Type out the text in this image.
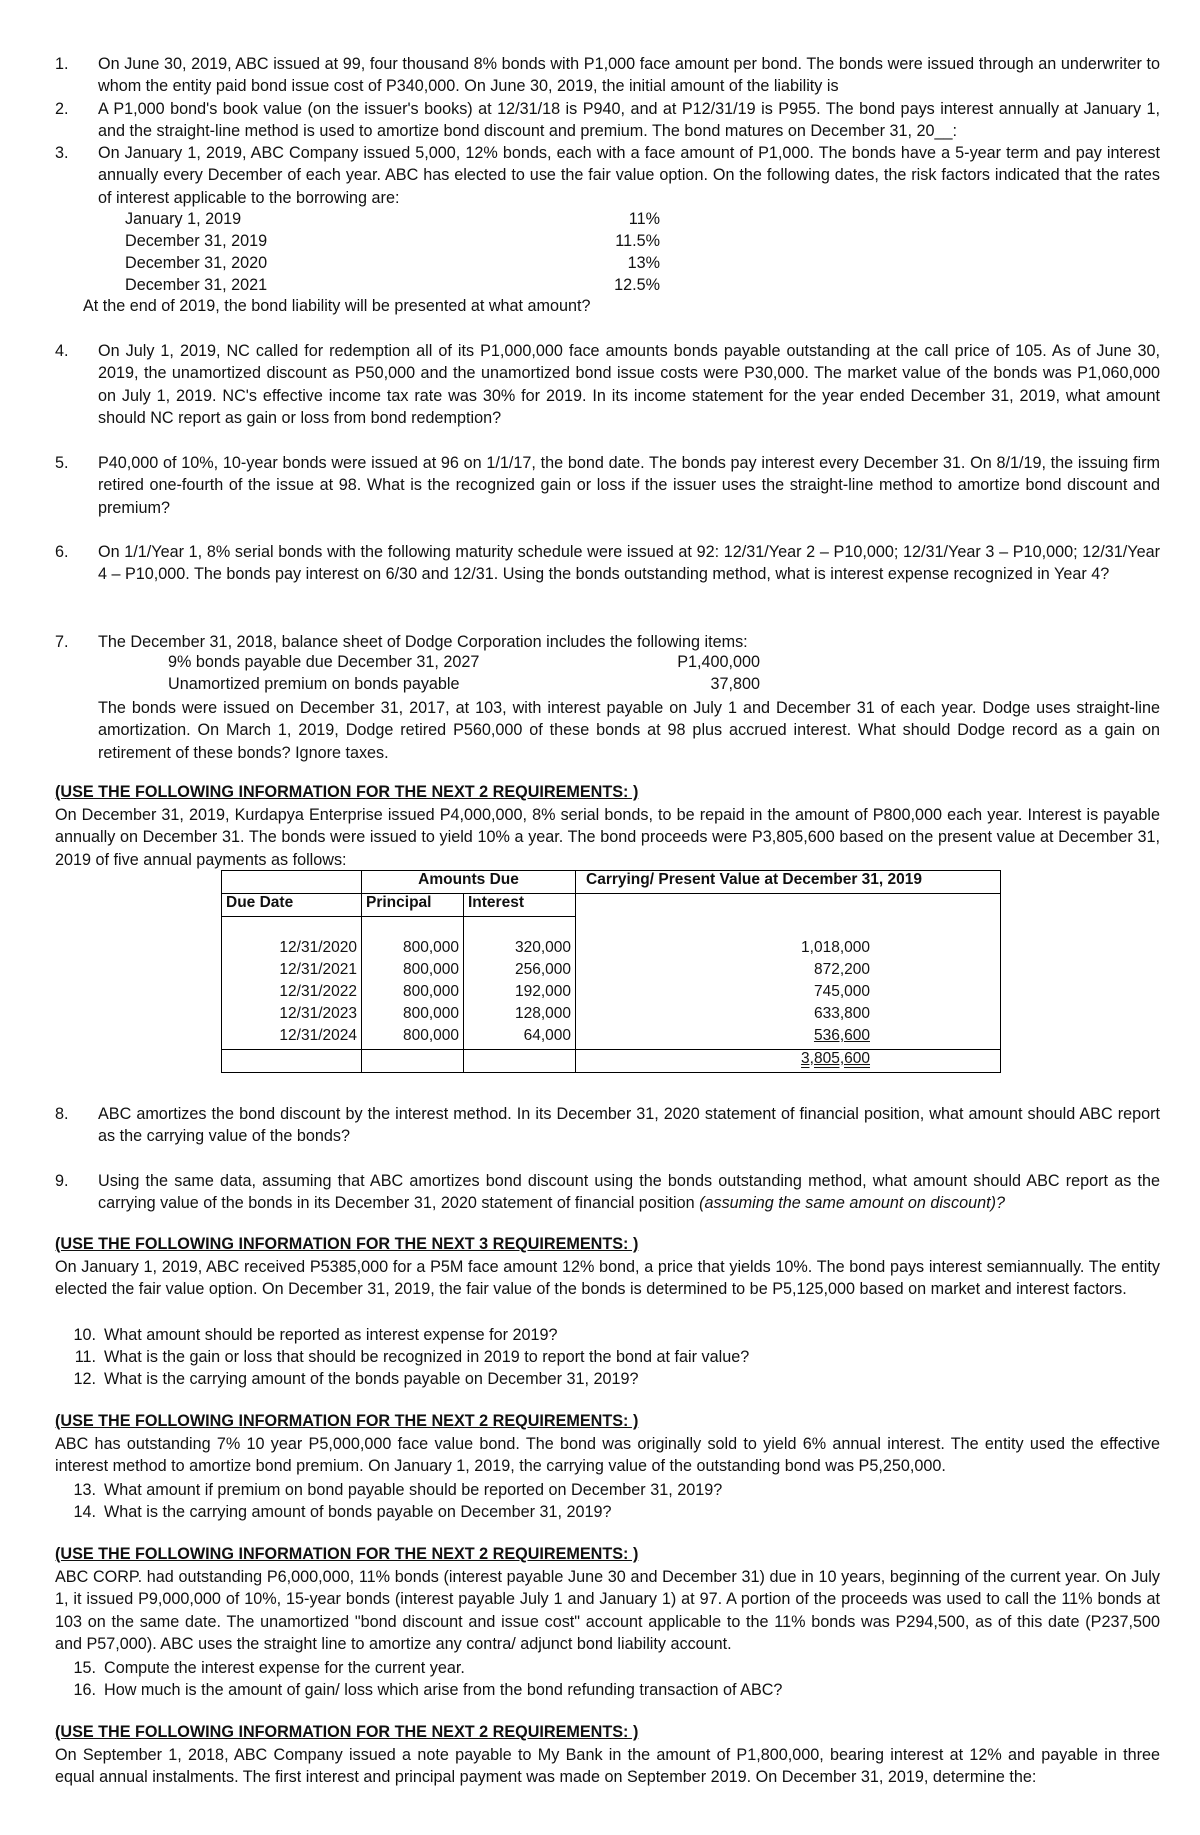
1.	On June 30, 2019, ABC issued at 99, four thousand 8% bonds with P1,000 face amount per bond. The bonds were issued through an underwriter to whom the entity paid bond issue cost of P340,000. On June 30, 2019, the initial amount of the liability is
2.	A P1,000 bond's book value (on the issuer's books) at 12/31/18 is P940, and at P12/31/19 is P955. The bond pays interest annually at January 1, and the straight-line method is used to amortize bond discount and premium. The bond matures on December 31, 20__:
3.	On January 1, 2019, ABC Company issued 5,000, 12% bonds, each with a face amount of P1,000. The bonds have a 5-year term and pay interest annually every December of each year. ABC has elected to use the fair value option. On the following dates, the risk factors indicated that the rates of interest applicable to the borrowing are:
January 1, 2019	11%
December 31, 2019	11.5%
December 31, 2020	13%
December 31, 2021	12.5%
At the end of 2019, the bond liability will be presented at what amount?
4.	On July 1, 2019, NC called for redemption all of its P1,000,000 face amounts bonds payable outstanding at the call price of 105. As of June 30, 2019, the unamortized discount as P50,000 and the unamortized bond issue costs were P30,000. The market value of the bonds was P1,060,000 on July 1, 2019. NC's effective income tax rate was 30% for 2019. In its income statement for the year ended December 31, 2019, what amount should NC report as gain or loss from bond redemption?
5.	P40,000 of 10%, 10-year bonds were issued at 96 on 1/1/17, the bond date. The bonds pay interest every December 31. On 8/1/19, the issuing firm retired one-fourth of the issue at 98. What is the recognized gain or loss if the issuer uses the straight-line method to amortize bond discount and premium?
6.	On 1/1/Year 1, 8% serial bonds with the following maturity schedule were issued at 92: 12/31/Year 2 – P10,000; 12/31/Year 3 – P10,000; 12/31/Year 4 – P10,000. The bonds pay interest on 6/30 and 12/31. Using the bonds outstanding method, what is interest expense recognized in Year 4?
7.	The December 31, 2018, balance sheet of Dodge Corporation includes the following items:
9% bonds payable due December 31, 2027	P1,400,000
Unamortized premium on bonds payable	37,800
The bonds were issued on December 31, 2017, at 103, with interest payable on July 1 and December 31 of each year. Dodge uses straight-line amortization. On March 1, 2019, Dodge retired P560,000 of these bonds at 98 plus accrued interest. What should Dodge record as a gain on retirement of these bonds? Ignore taxes.
(USE THE FOLLOWING INFORMATION FOR THE NEXT 2 REQUIREMENTS: )
On December 31, 2019, Kurdapya Enterprise issued P4,000,000, 8% serial bonds, to be repaid in the amount of P800,000 each year. Interest is payable annually on December 31. The bonds were issued to yield 10% a year. The bond proceeds were P3,805,600 based on the present value at December 31, 2019 of five annual payments as follows:
	Amounts Due		Carrying/ Present Value at December 31, 2019
Due Date	Principal	Interest	

12/31/2020	800,000	320,000	1,018,000
12/31/2021	800,000	256,000	872,200
12/31/2022	800,000	192,000	745,000
12/31/2023	800,000	128,000	633,800
12/31/2024	800,000	64,000	536,600
			3,805,600
8.	ABC amortizes the bond discount by the interest method. In its December 31, 2020 statement of financial position, what amount should ABC report as the carrying value of the bonds?
9.	Using the same data, assuming that ABC amortizes bond discount using the bonds outstanding method, what amount should ABC report as the carrying value of the bonds in its December 31, 2020 statement of financial position (assuming the same amount on discount)?
(USE THE FOLLOWING INFORMATION FOR THE NEXT 3 REQUIREMENTS: )
On January 1, 2019, ABC received P5385,000 for a P5M face amount 12% bond, a price that yields 10%. The bond pays interest semiannually. The entity elected the fair value option. On December 31, 2019, the fair value of the bonds is determined to be P5,125,000 based on market and interest factors.
10. What amount should be reported as interest expense for 2019?
11. What is the gain or loss that should be recognized in 2019 to report the bond at fair value?
12. What is the carrying amount of the bonds payable on December 31, 2019?
(USE THE FOLLOWING INFORMATION FOR THE NEXT 2 REQUIREMENTS: )
ABC has outstanding 7% 10 year P5,000,000 face value bond. The bond was originally sold to yield 6% annual interest. The entity used the effective interest method to amortize bond premium. On January 1, 2019, the carrying value of the outstanding bond was P5,250,000.
13. What amount if premium on bond payable should be reported on December 31, 2019?
14. What is the carrying amount of bonds payable on December 31, 2019?
(USE THE FOLLOWING INFORMATION FOR THE NEXT 2 REQUIREMENTS: )
ABC CORP. had outstanding P6,000,000, 11% bonds (interest payable June 30 and December 31) due in 10 years, beginning of the current year. On July 1, it issued P9,000,000 of 10%, 15-year bonds (interest payable July 1 and January 1) at 97. A portion of the proceeds was used to call the 11% bonds at 103 on the same date. The unamortized "bond discount and issue cost" account applicable to the 11% bonds was P294,500, as of this date (P237,500 and P57,000). ABC uses the straight line to amortize any contra/ adjunct bond liability account.
15. Compute the interest expense for the current year.
16. How much is the amount of gain/ loss which arise from the bond refunding transaction of ABC?
(USE THE FOLLOWING INFORMATION FOR THE NEXT 2 REQUIREMENTS: )
On September 1, 2018, ABC Company issued a note payable to My Bank in the amount of P1,800,000, bearing interest at 12% and payable in three equal annual instalments. The first interest and principal payment was made on September 2019. On December 31, 2019, determine the:
